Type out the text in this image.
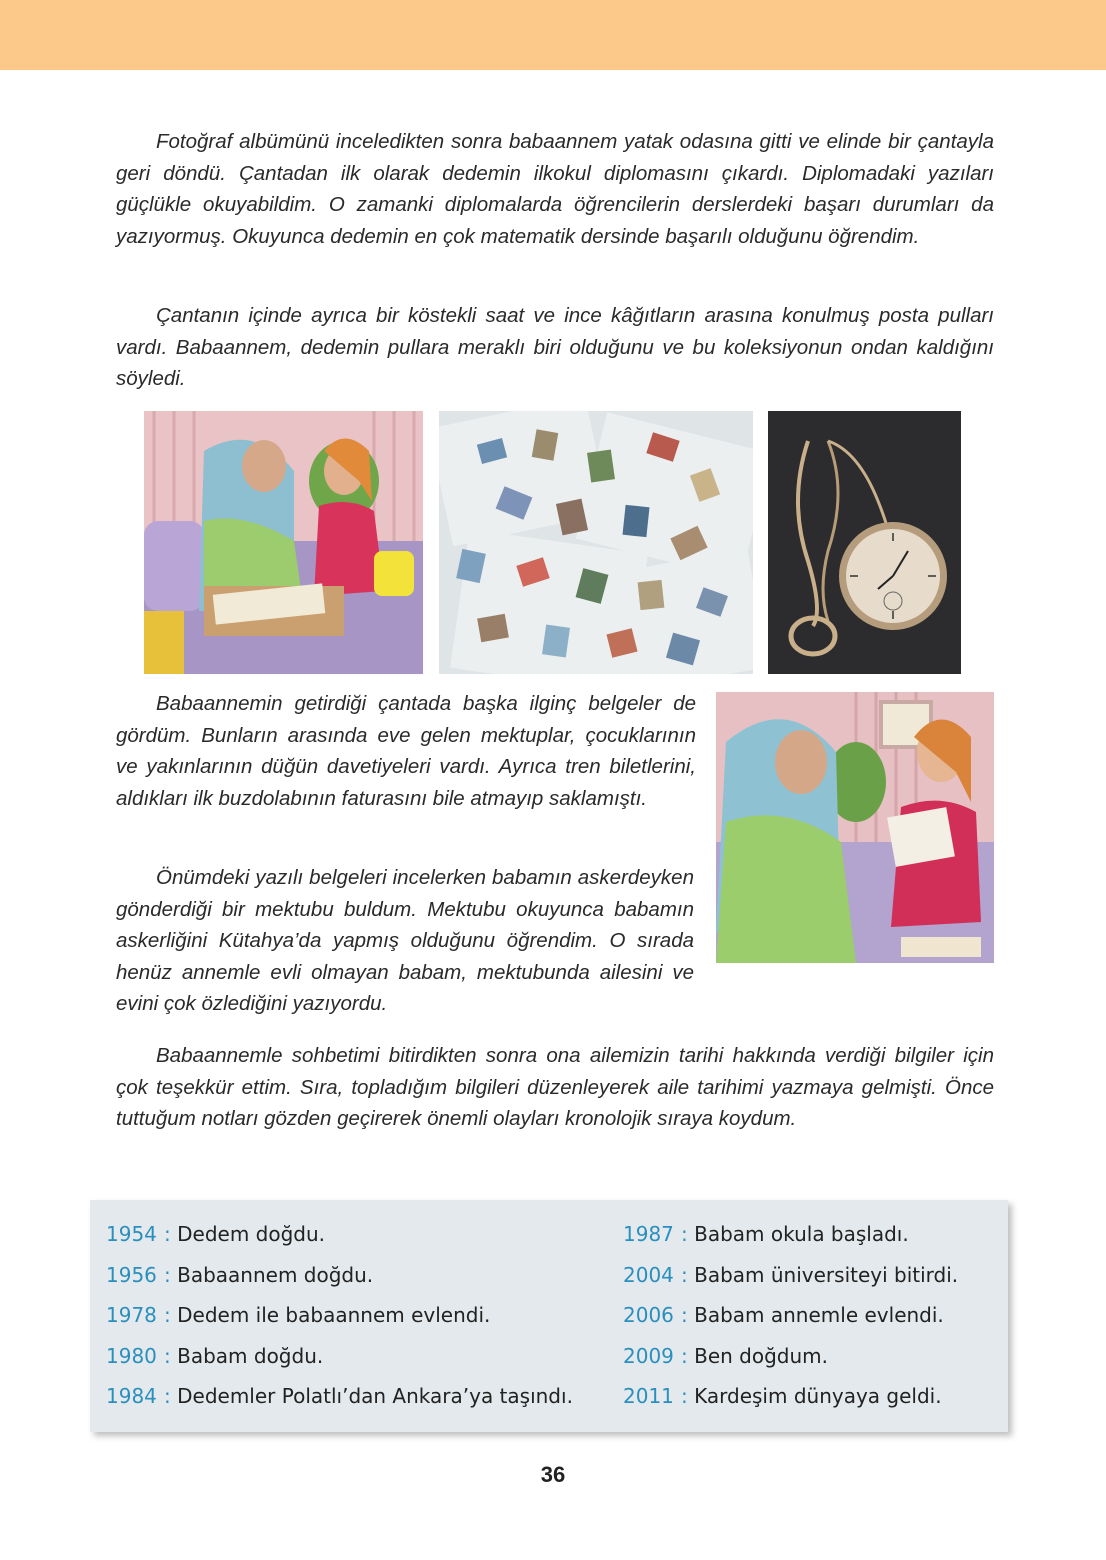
Fotoğraf albümünü inceledikten sonra babaannem yatak odasına gitti ve elinde bir çantayla geri döndü. Çantadan ilk olarak dedemin ilkokul diplomasını çıkardı. Diplomadaki yazıları güçlükle okuyabildim. O zamanki diplomalarda öğrencilerin derslerdeki başarı durumları da yazıyormuş. Okuyunca dedemin en çok matematik dersinde başarılı olduğunu öğrendim.

Çantanın içinde ayrıca bir köstekli saat ve ince kâğıtların arasına konulmuş posta pulları vardı. Babaannem, dedemin pullara meraklı biri olduğunu ve bu koleksiyonun ondan kaldığını söyledi.

Babaannemin getirdiği çantada başka ilginç belgeler de gördüm. Bunların arasında eve gelen mektuplar, çocuklarının ve yakınlarının düğün davetiyeleri vardı. Ayrıca tren biletlerini, aldıkları ilk buzdolabının faturasını bile atmayıp saklamıştı.

Önümdeki yazılı belgeleri incelerken babamın askerdeyken gönderdiği bir mektubu buldum. Mektubu okuyunca babamın askerliğini Kütahya’da yapmış olduğunu öğrendim. O sırada henüz annemle evli olmayan babam, mektubunda ailesini ve evini çok özlediğini yazıyordu.

Babaannemle sohbetimi bitirdikten sonra ona ailemizin tarihi hakkında verdiği bilgiler için çok teşekkür ettim. Sıra, topladığım bilgileri düzenleyerek aile tarihimi yazmaya gelmişti. Önce tuttuğum notları gözden geçirerek önemli olayları kronolojik sıraya koydum.

1954 : Dedem doğdu.
1956 : Babaannem doğdu.
1978 : Dedem ile babaannem evlendi.
1980 : Babam doğdu.
1984 : Dedemler Polatlı’dan Ankara’ya taşındı.
1987 : Babam okula başladı.
2004 : Babam üniversiteyi bitirdi.
2006 : Babam annemle evlendi.
2009 : Ben doğdum.
2011 : Kardeşim dünyaya geldi.
36
